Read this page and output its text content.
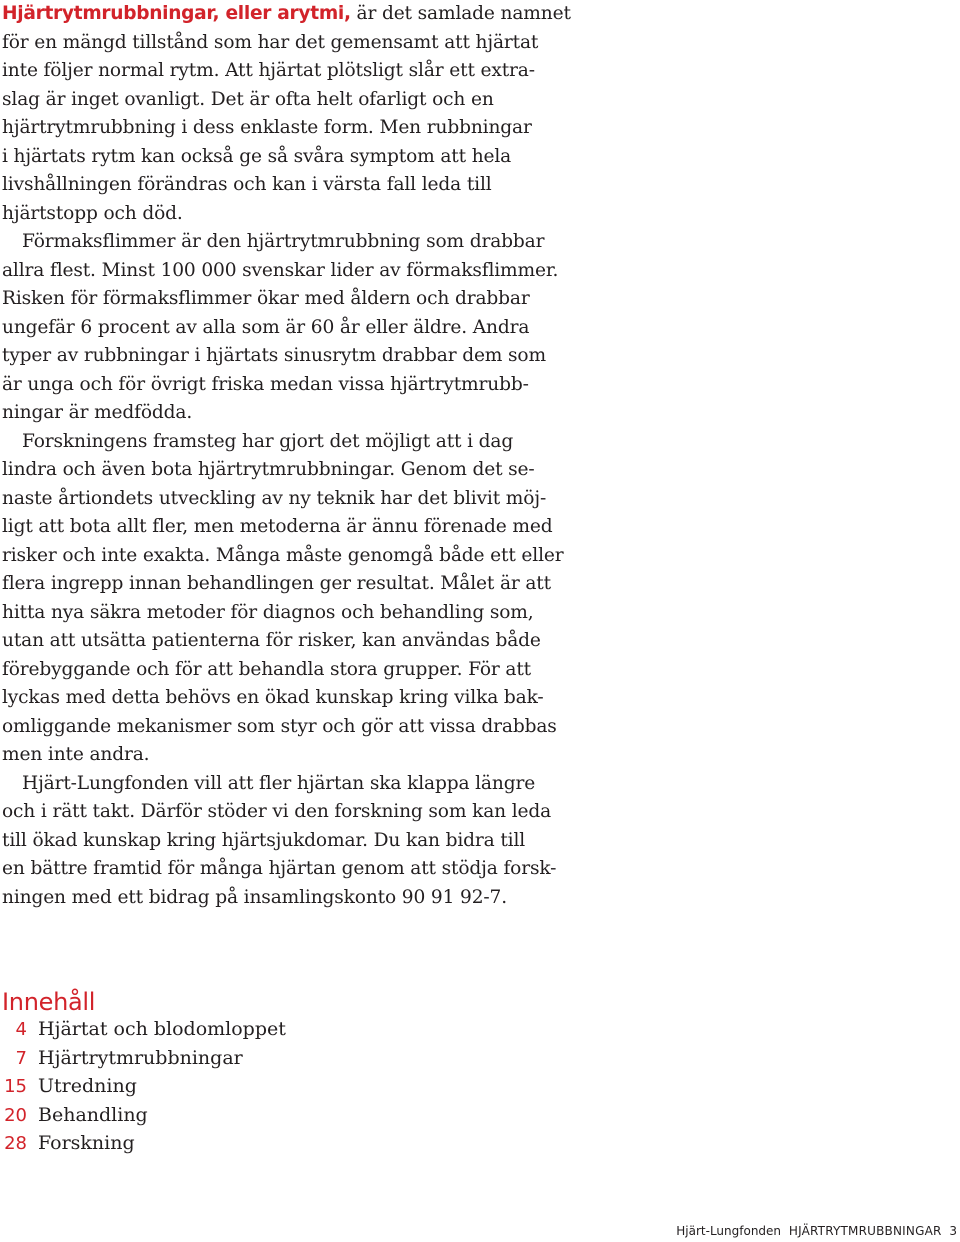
Hjärtrytmrubbningar, eller arytmi, är det samlade namnet
för en mängd tillstånd som har det gemensamt att hjärtat
inte följer normal rytm. Att hjärtat plötsligt slår ett extra-
slag är inget ovanligt. Det är ofta helt ofarligt och en
hjärtrytmrubbning i dess enklaste form. Men rubbningar
i hjärtats rytm kan också ge så svåra symptom att hela
livshållningen förändras och kan i värsta fall leda till
hjärtstopp och död.
Förmaksflimmer är den hjärtrytmrubbning som drabbar
allra flest. Minst 100 000 svenskar lider av förmaksflimmer.
Risken för förmaksflimmer ökar med åldern och drabbar
ungefär 6 procent av alla som är 60 år eller äldre. Andra
typer av rubbningar i hjärtats sinusrytm drabbar dem som
är unga och för övrigt friska medan vissa hjärtrytmrubb-
ningar är medfödda.
Forskningens framsteg har gjort det möjligt att i dag
lindra och även bota hjärtrytmrubbningar. Genom det se-
naste årtiondets utveckling av ny teknik har det blivit möj-
ligt att bota allt fler, men metoderna är ännu förenade med
risker och inte exakta. Många måste genomgå både ett eller
flera ingrepp innan behandlingen ger resultat. Målet är att
hitta nya säkra metoder för diagnos och behandling som,
utan att utsätta patienterna för risker, kan användas både
förebyggande och för att behandla stora grupper. För att
lyckas med detta behövs en ökad kunskap kring vilka bak-
omliggande mekanismer som styr och gör att vissa drabbas
men inte andra.
Hjärt-Lungfonden vill att fler hjärtan ska klappa längre
och i rätt takt. Därför stöder vi den forskning som kan leda
till ökad kunskap kring hjärtsjukdomar. Du kan bidra till
en bättre framtid för många hjärtan genom att stödja forsk-
ningen med ett bidrag på insamlingskonto 90 91 92-7.
Innehåll
4 Hjärtat och blodomloppet
7 Hjärtrytmrubbningar
15 Utredning
20 Behandling
28 Forskning
Hjärt-Lungfonden HJÄRTRYTMRUBBNINGAR 3
